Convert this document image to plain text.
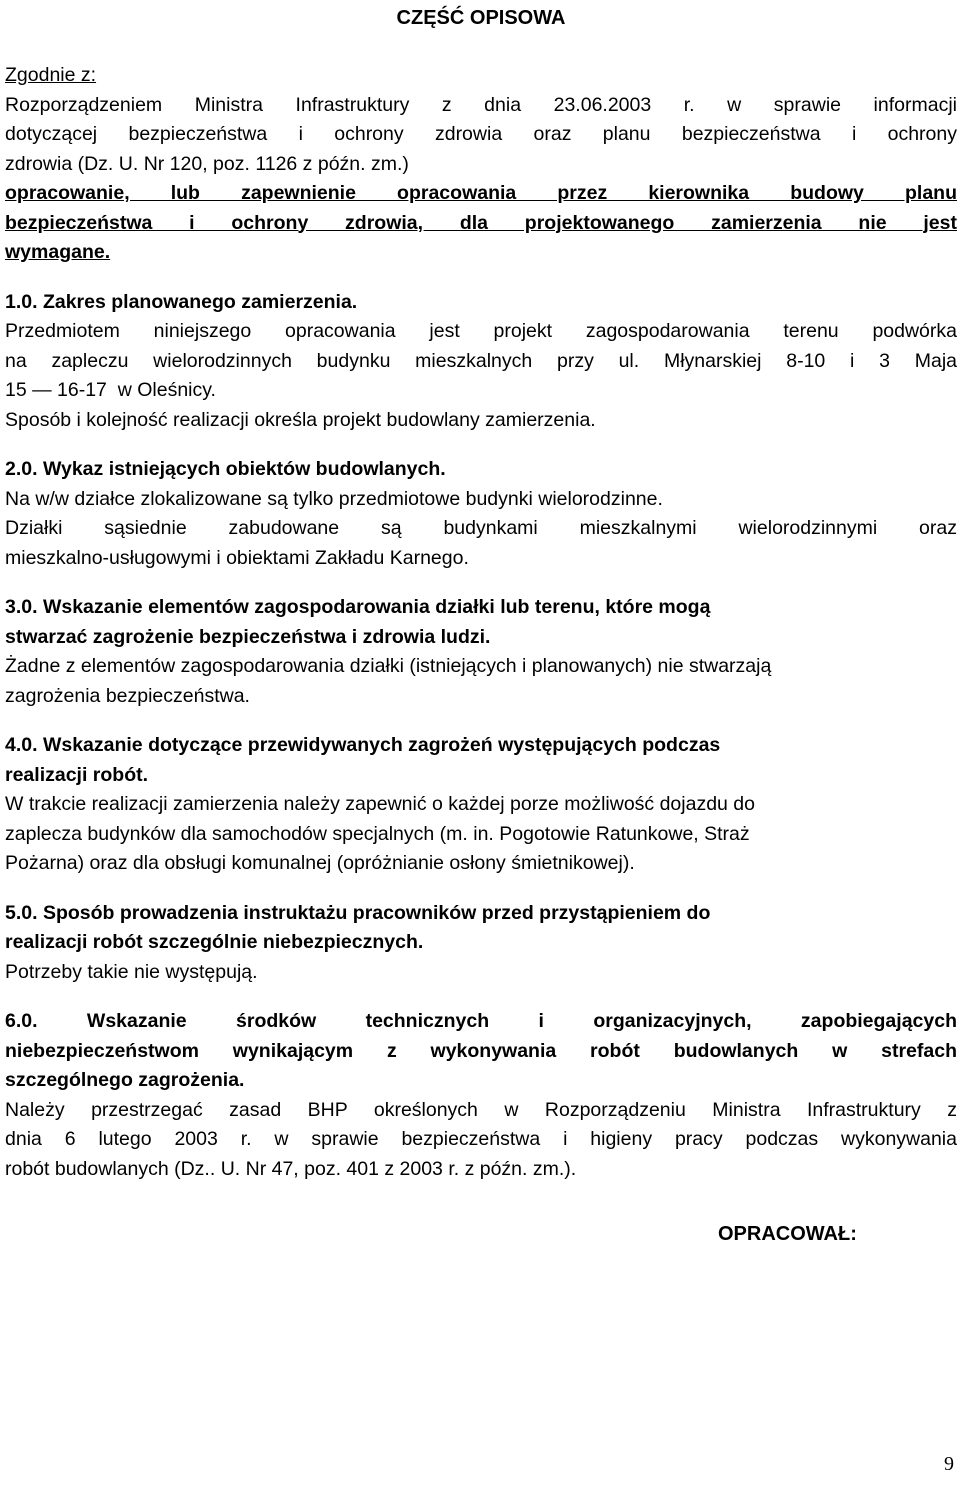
CZĘŚĆ OPISOWA

Zgodnie z:

Rozporządzeniem Ministra Infrastruktury z dnia 23.06.2003 r. w sprawie informacji

dotyczącej bezpieczeństwa i ochrony zdrowia oraz planu bezpieczeństwa i ochrony

zdrowia (Dz. U. Nr 120, poz. 1126 z późn. zm.)

opracowanie, lub zapewnienie opracowania przez kierownika budowy planu

bezpieczeństwa i ochrony zdrowia, dla projektowanego zamierzenia nie jest

wymagane.

1.0. Zakres planowanego zamierzenia.

Przedmiotem niniejszego opracowania jest projekt zagospodarowania terenu podwórka

na zapleczu wielorodzinnych budynku mieszkalnych przy ul. Młynarskiej 8-10 i 3 Maja

15 — 16-17  w Oleśnicy.

Sposób i kolejność realizacji określa projekt budowlany zamierzenia.

2.0. Wykaz istniejących obiektów budowlanych.

Na w/w działce zlokalizowane są tylko przedmiotowe budynki wielorodzinne.

Działki sąsiednie zabudowane są budynkami mieszkalnymi wielorodzinnymi oraz

mieszkalno-usługowymi i obiektami Zakładu Karnego.

3.0. Wskazanie elementów zagospodarowania działki lub terenu, które mogą

stwarzać zagrożenie bezpieczeństwa i zdrowia ludzi.

Żadne z elementów zagospodarowania działki (istniejących i planowanych) nie stwarzają

zagrożenia bezpieczeństwa.

4.0. Wskazanie dotyczące przewidywanych zagrożeń występujących podczas

realizacji robót.

W trakcie realizacji zamierzenia należy zapewnić o każdej porze możliwość dojazdu do

zaplecza budynków dla samochodów specjalnych (m. in. Pogotowie Ratunkowe, Straż

Pożarna) oraz dla obsługi komunalnej (opróżnianie osłony śmietnikowej).

5.0. Sposób prowadzenia instruktażu pracowników przed przystąpieniem do

realizacji robót szczególnie niebezpiecznych.

Potrzeby takie nie występują.

6.0. Wskazanie środków technicznych i organizacyjnych, zapobiegających

niebezpieczeństwom wynikającym z wykonywania robót budowlanych w strefach

szczególnego zagrożenia.

Należy przestrzegać zasad BHP określonych w Rozporządzeniu Ministra Infrastruktury z

dnia 6 lutego 2003 r. w sprawie bezpieczeństwa i higieny pracy podczas wykonywania

robót budowlanych (Dz.. U. Nr 47, poz. 401 z 2003 r. z późn. zm.).

OPRACOWAŁ:
9
